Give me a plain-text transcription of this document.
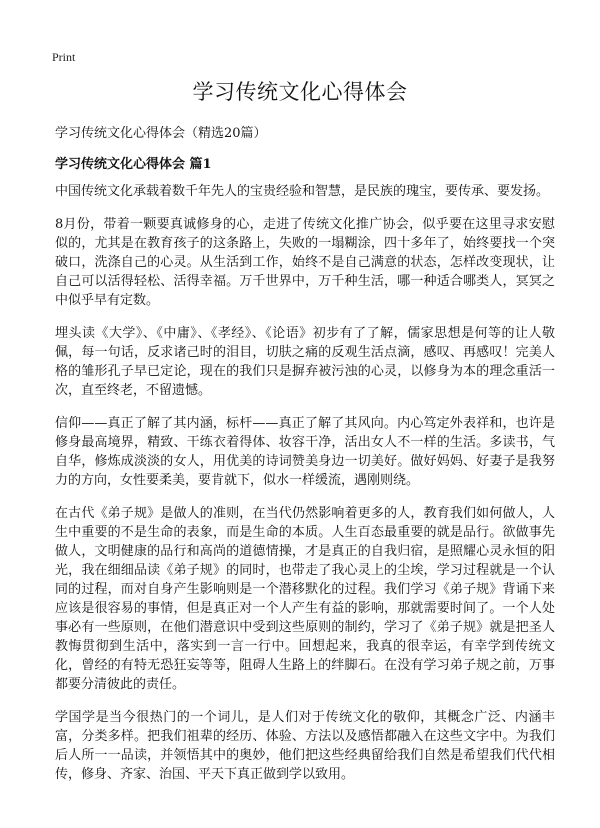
Print
学习传统文化心得体会

学习传统文化心得体会（精选20篇）

学习传统文化心得体会 篇1

中国传统文化承载着数千年先人的宝贵经验和智慧，是民族的瑰宝，要传承、要发扬。

8月份，带着一颗要真诚修身的心，走进了传统文化推广协会，似乎要在这里寻求安慰似的，尤其是在教育孩子的这条路上，失败的一塌糊涂，四十多年了，始终要找一个突破口，洗涤自己的心灵。从生活到工作，始终不是自己满意的状态，怎样改变现状，让自己可以活得轻松、活得幸福。万千世界中，万千种生活，哪一种适合哪类人，冥冥之中似乎早有定数。

埋头读《大学》、《中庸》、《孝经》、《论语》初步有了了解，儒家思想是何等的让人敬佩，每一句话，反求诸己时的泪目，切肤之痛的反观生活点滴，感叹、再感叹！完美人格的雏形孔子早已定论，现在的我们只是摒弃被污浊的心灵，以修身为本的理念重活一次，直至终老，不留遗憾。

信仰——真正了解了其内涵，标杆——真正了解了其风向。内心笃定外表祥和，也许是修身最高境界，精致、干练衣着得体、妆容干净，活出女人不一样的生活。多读书，气自华，修炼成淡淡的女人，用优美的诗词赞美身边一切美好。做好妈妈、好妻子是我努力的方向，女性要柔美，要肯就下，似水一样缓流，遇刚则绕。

在古代《弟子规》是做人的准则，在当代仍然影响着更多的人，教育我们如何做人，人生中重要的不是生命的表象，而是生命的本质。人生百态最重要的就是品行。欲做事先做人，文明健康的品行和高尚的道德情操，才是真正的自我归宿，是照耀心灵永恒的阳光，我在细细品读《弟子规》的同时，也带走了我心灵上的尘埃，学习过程就是一个认同的过程，而对自身产生影响则是一个潜移默化的过程。我们学习《弟子规》背诵下来应该是很容易的事情，但是真正对一个人产生有益的影响，那就需要时间了。一个人处事必有一些原则，在他们潜意识中受到这些原则的制约，学习了《弟子规》就是把圣人教悔贯彻到生活中，落实到一言一行中。回想起来，我真的很幸运，有幸学到传统文化，曾经的有特无恐狂妄等等，阻碍人生路上的绊脚石。在没有学习弟子规之前，万事都要分清彼此的责任。

学国学是当今很热门的一个词儿，是人们对于传统文化的敬仰，其概念广泛、内涵丰富，分类多样。把我们祖辈的经历、体验、方法以及感悟都融入在这些文字中。为我们后人所一一品读，并领悟其中的奥妙，他们把这些经典留给我们自然是希望我们代代相传，修身、齐家、治国、平天下真正做到学以致用。
